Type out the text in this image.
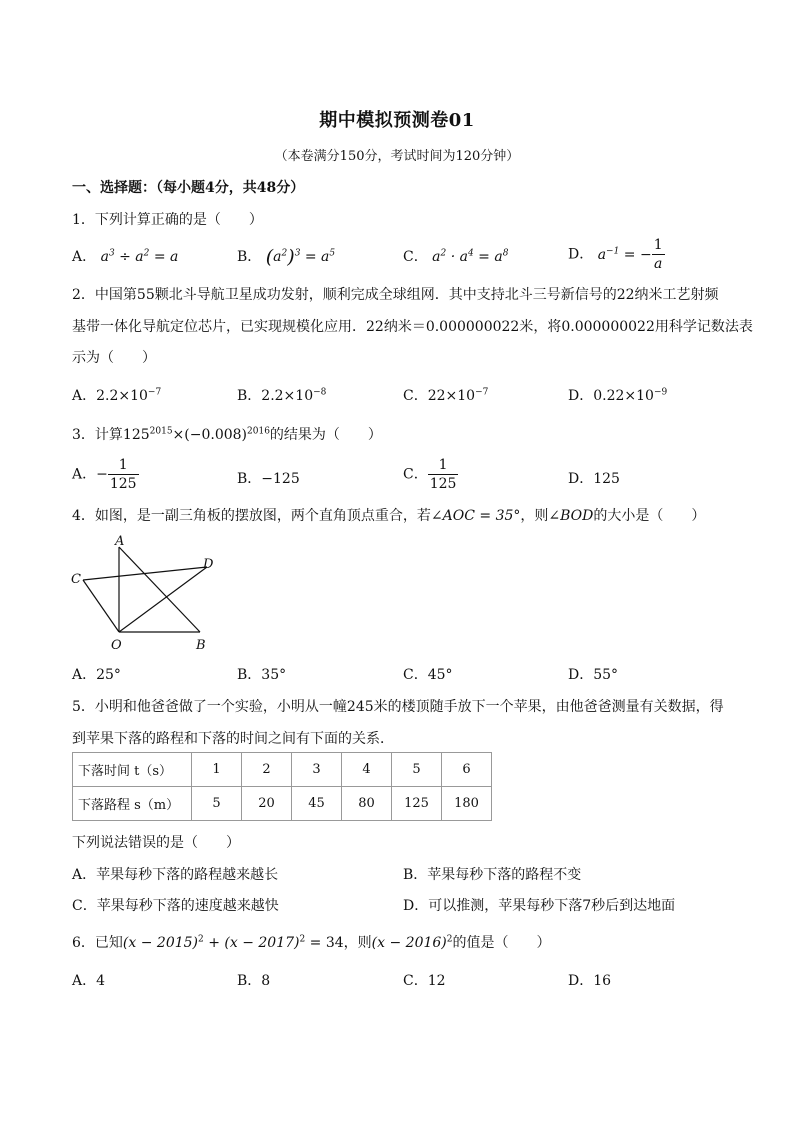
期中模拟预测卷01
（本卷满分150分，考试时间为120分钟）
一、选择题：（每小题4分，共48分）
1．下列计算正确的是（　　）
A． $a^3 \div a^2 = a$	B． $(a^2)^3 = a^5$	C． $a^2 \cdot a^4 = a^8$	D． $a^{-1}$ = − $\frac{1}{a}$
2．中国第55颗北斗导航卫星成功发射，顺利完成全球组网．其中支持北斗三号新信号的22纳米工艺射频
基带一体化导航定位芯片，已实现规模化应用．22纳米＝0.000000022米，将0.000000022用科学记数法表
示为（　　）
A．$2.2\times 10^{-7}$	B．$2.2\times 10^{-8}$	C．$22\times 10^{-7}$	D．$0.22\times 10^{-9}$
3．计算$125^{2015}\times(-0.008)^{2016}$的结果为（　　）
A．− $\frac{1}{125}$	B．−125	C． $\frac{1}{125}$	D．125
4．如图，是一副三角板的摆放图，两个直角顶点重合，若∠AOC = 35°，则∠BOD的大小是（　　）
A
C
D
O	B
A．25°	B．35°	C．45°	D．55°
5．小明和他爸爸做了一个实验，小明从一幢245米的楼顶随手放下一个苹果，由他爸爸测量有关数据，得
到苹果下落的路程和下落的时间之间有下面的关系．
下落时间 t（s）	1	2	3	4	5	6
下落路程 s（m）	5	20	45	80	125	180
下列说法错误的是（　　）
A．苹果每秒下落的路程越来越长	B．苹果每秒下落的路程不变
C．苹果每秒下落的速度越来越快	D．可以推测，苹果每秒下落7秒后到达地面
6．已知$(x - 2015)^2 + (x - 2017)^2 = 34$，则$(x - 2016)^2$的值是（　　）
A．4	B．8	C．12	D．16
